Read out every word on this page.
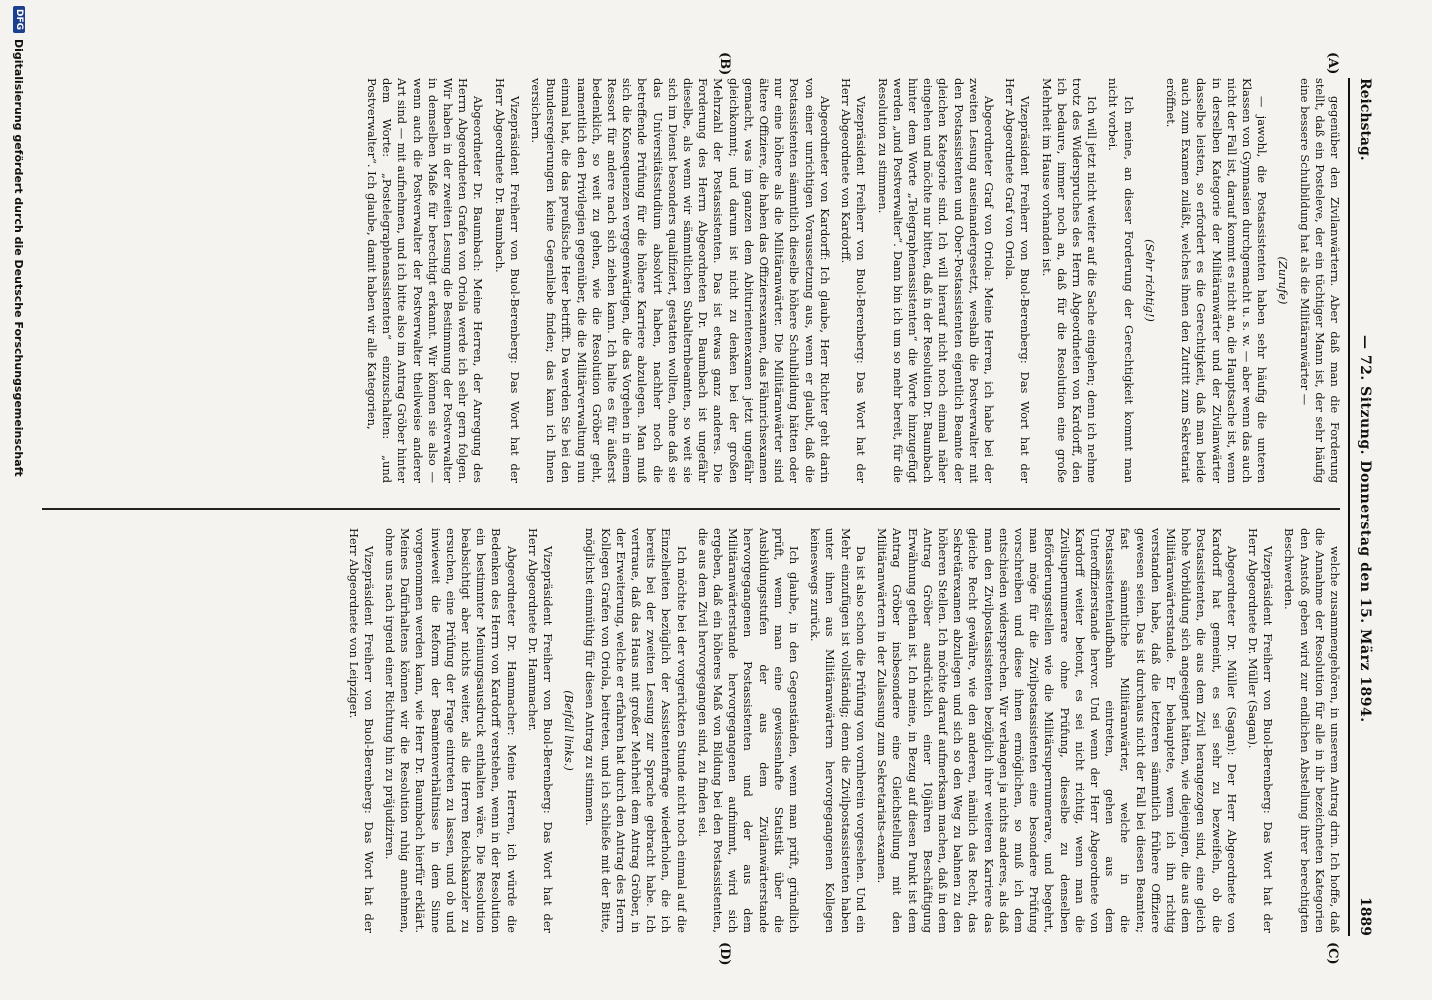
Reichstag.
— 72. Sitzung. Donnerstag den 15. März 1894.
1889
(A)
(B)
(C)
(D)

gegenüber den Zivilanwärtern. Aber daß man die Forderung stellt, daß ein Posteleve, der ein tüchtiger Mann ist, der sehr häufig eine bessere Schulbildung hat als die Militäranwärter —

(Zurufe)

— jawohl, die Postassistenten haben sehr häufig die unteren Klassen von Gymnasien durchgemacht u. s. w. — aber wenn das auch nicht der Fall ist, darauf kommt es nicht an, die Hauptsache ist, wenn in derselben Kategorie der Militäranwärter und der Zivilanwärter dasselbe leisten, so erfordert es die Gerechtigkeit, daß man beide auch zum Examen zuläßt, welches ihnen den Zutritt zum Sekretariat eröffnet.

(Sehr richtig!)

Ich meine, an dieser Forderung der Gerechtigkeit kommt man nicht vorbei.

Ich will jetzt nicht weiter auf die Sache eingehen; denn ich nehme trotz des Widerspruches des Herrn Abgeordneten von Kardorff, den ich bedaure, immer noch an, daß für die Resolution eine große Mehrheit im Hause vorhanden ist.

Vizepräsident Freiherr von Buol-Berenberg: Das Wort hat der Herr Abgeordnete Graf von Oriola.

Abgeordneter Graf von Oriola: Meine Herren, ich habe bei der zweiten Lesung auseinandergesetzt, weshalb die Postverwalter mit den Postassistenten und Ober-Postassistenten eigentlich Beamte der gleichen Kategorie sind. Ich will hierauf nicht noch einmal näher eingehen und möchte nur bitten, daß in der Resolution Dr. Baumbach hinter dem Worte „Telegraphenassistenten“ die Worte hinzugefügt werden „und Postverwalter“. Dann bin ich um so mehr bereit, für die Resolution zu stimmen.

Vizepräsident Freiherr von Buol-Berenberg: Das Wort hat der Herr Abgeordnete von Kardorff.

Abgeordneter von Kardorff: Ich glaube, Herr Richter geht darin von einer unrichtigen Voraussetzung aus, wenn er glaubt, daß die Postassistenten sämmtlich dieselbe höhere Schulbildung hätten oder nur eine höhere als die Militäranwärter. Die Militäranwärter sind ältere Offiziere, die haben das Offiziersexamen, das Fähnrichsexamen gemacht, was im ganzen dem Abiturientenexamen jetzt ungefähr gleichkommt; und darum ist nicht zu denken bei der großen Mehrzahl der Postassistenten. Das ist etwas ganz anderes. Die Forderung des Herrn Abgeordneten Dr. Baumbach ist ungefähr dieselbe, als wenn wir sämmtlichen Subalternbeamten, so weit sie sich im Dienst besonders qualifiziert, gestatten wollten, ohne daß sie das Universitätsstudium absolvirt haben, nachher noch die betreffende Prüfung für die höhere Karriere abzulegen. Man muß sich die Konsequenzen vergegenwärtigen, die das Vorgehen in einem Ressort für andere nach sich ziehen kann. Ich halte es für äußerst bedenklich, so weit zu gehen, wie die Resolution Gröber geht, namentlich den Privilegien gegenüber, die die Militärverwaltung nun einmal hat, die das preußische Heer betrifft. Da werden Sie bei den Bundesregierungen keine Gegenliebe finden; das kann ich Ihnen versichern.

Vizepräsident Freiherr von Buol-Berenberg: Das Wort hat der Herr Abgeordnete Dr. Baumbach.

Abgeordneter Dr. Baumbach: Meine Herren, der Anregung des Herrn Abgeordneten Grafen von Oriola werde ich sehr gern folgen. Wir haben in der zweiten Lesung die Bestimmung der Postverwalter in demselben Maße für berechtigt erkannt. Wir können sie also — wenn auch die Postverwalter der Postverwalter theilweise anderer Art sind — mit aufnehmen, und ich bitte also im Antrag Gröber hinter dem Worte: „Postelegraphenassistenten“ einzuschalten: „und Postverwalter“. Ich glaube, damit haben wir alle Kategorien,

welche zusammengehören, in unserem Antrag drin. Ich hoffe, daß die Annahme der Resolution für alle in ihr bezeichneten Kategorien den Anstoß geben wird zur endlichen Abstellung ihrer berechtigten Beschwerden.

Vizepräsident Freiherr von Buol-Berenberg: Das Wort hat der Herr Abgeordnete Dr. Müller (Sagan).

Abgeordneter Dr. Müller (Sagan): Der Herr Abgeordnete von Kardorff hat gemeint, es sei sehr zu bezweifeln, ob die Postassistenten, die aus dem Zivil herangezogen sind, eine gleich hohe Vorbildung sich angeeignet hätten, wie diejenigen, die aus dem Militäranwärterstande. Er behauptete, wenn ich ihn richtig verstanden habe, daß die letzteren sämmtlich frühere Offiziere gewesen seien. Das ist durchaus nicht der Fall bei diesen Beamten; fast sämmtliche Militäranwärter, welche in die Postassistentenlaufbahn eintreten, gehen aus dem Unteroffizierstande hervor. Und wenn der Herr Abgeordnete von Kardorff weiter betont, es sei nicht richtig, wenn man die Zivilsupernumerare ohne Prüfung, dieselbe zu denselben Beförderungsstellen wie die Militärsupernumerare, und begehrt, man möge für die Zivilpostassistenten eine besondere Prüfung vorschreiben und diese ihnen ermöglichen, so muß ich dem entschieden widersprechen. Wir verlangen ja nichts anderes, als daß man den Zivilpostassistenten bezüglich ihrer weiteren Karriere das gleiche Recht gewähre, wie den anderen, nämlich das Recht, das Sekretärexamen abzulegen und sich so den Weg zu bahnen zu den höheren Stellen. Ich möchte darauf aufmerksam machen, daß in dem Antrag Gröber ausdrücklich einer 10jähren Beschäftigung Erwähnung gethan ist. Ich meine, in Bezug auf diesen Punkt ist dem Antrag Gröber insbesondere eine Gleichstellung mit den Militäranwärtern in der Zulassung zum Sekretariats-examen.

Da ist also schon die Prüfung von vornherein vorgesehen. Und ein Mehr einzufügen ist vollständig; denn die Zivilpostassistenten haben unter ihnen aus Militäranwärtern hervorgegangenen Kollegen keineswegs zurück.

Ich glaube, in den Gegenständen, wenn man prüft, gründlich prüft, wenn man eine gewissenhafte Statistik über die Ausbildungsstufen der aus dem Zivilanwärterstande hervorgegangenen Postassistenten und der aus dem Militäranwärterstande hervorgegangenen aufnimmt, wird sich ergeben, daß ein höheres Maß von Bildung bei den Postassistenten, die aus dem Zivil hervorgegangen sind, zu finden sei.

Ich möchte bei der vorgerückten Stunde nicht noch einmal auf die Einzelheiten bezüglich der Assistentenfrage wiederholen, die ich bereits bei der zweiten Lesung zur Sprache gebracht habe. Ich vertraue, daß das Haus mit großer Mehrheit dem Antrag Gröber, in der Erweiterung, welche er erfahren hat durch den Antrag des Herrn Kollegen Grafen von Oriola, beitreten, und ich schließe mit der Bitte, möglichst einmüthig für diesen Antrag zu stimmen.

(Beifall links.)

Vizepräsident Freiherr von Buol-Berenberg: Das Wort hat der Herr Abgeordnete Dr. Hammacher.

Abgeordneter Dr. Hammacher: Meine Herren, ich würde die Bedenken des Herrn von Kardorff verstehen, wenn in der Resolution ein bestimmter Meinungsausdruck enthalten wäre. Die Resolution beabsichtigt aber nichts weiter, als die Herren Reichskanzler zu ersuchen, eine Prüfung der Frage eintreten zu lassen, und ob und inwieweit die Reform der Beamtenverhältnisse in dem Sinne vorgenommen werden kann, wie Herr Dr. Baumbach hierfür erklärt. Meines Dafürhaltens können wir die Resolution ruhig annehmen, ohne uns nach irgend einer Richtung hin zu präjudiziren.

Vizepräsident Freiherr von Buol-Berenberg: Das Wort hat der Herr Abgeordnete von Leipziger.

DFG
Digitalisierung gefördert durch die Deutsche Forschungsgemeinschaft
